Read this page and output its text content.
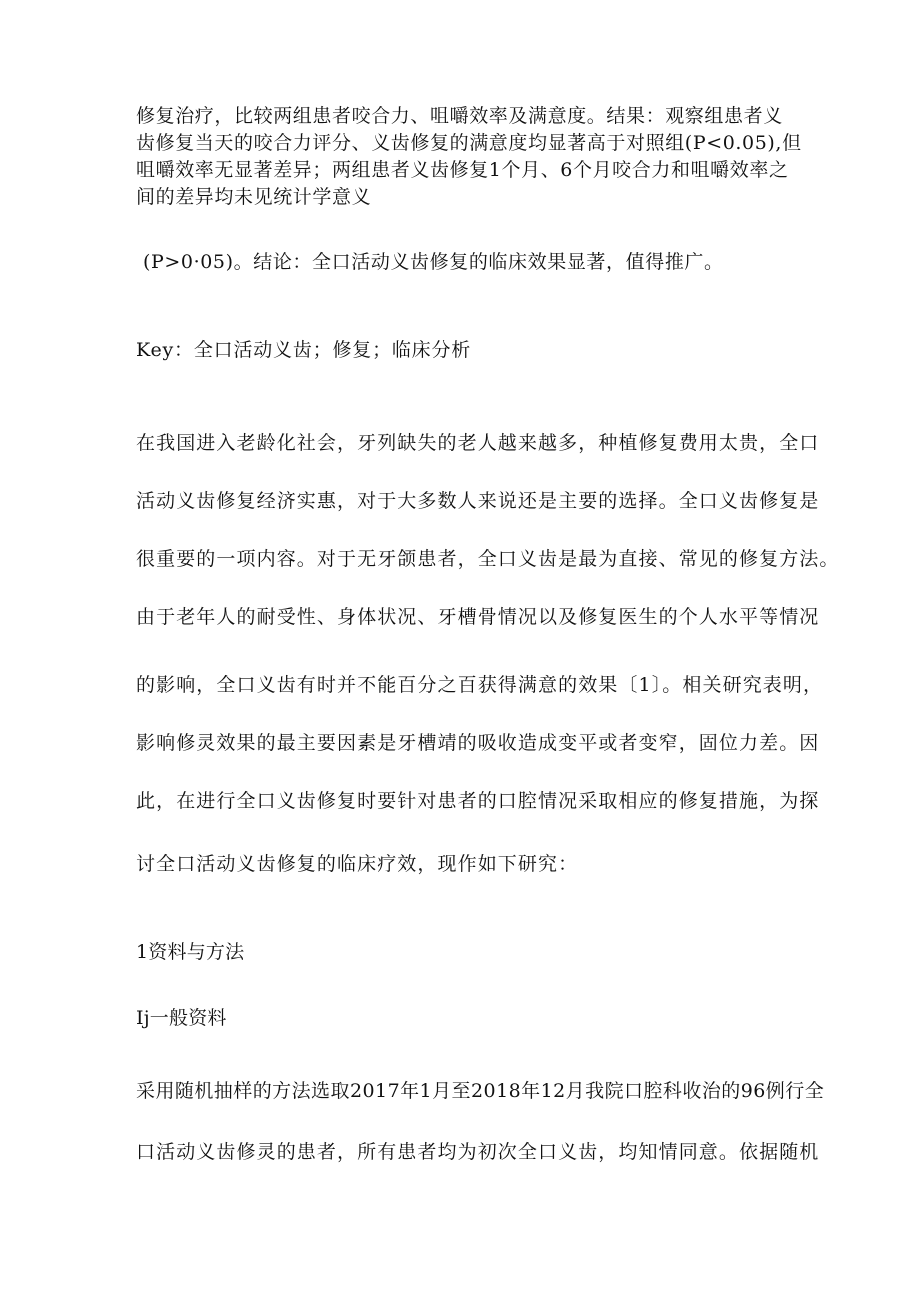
修复治疗，比较两组患者咬合力、咀嚼效率及满意度。结果：观察组患者义
齿修复当天的咬合力评分、义齿修复的满意度均显著高于对照组(P<0.05),但
咀嚼效率无显著差异；两组患者义齿修复1个月、6个月咬合力和咀嚼效率之
间的差异均未见统计学意义
(P>0·05)。结论：全口活动义齿修复的临床效果显著，值得推广。
Key：全口活动义齿；修复；临床分析
在我国进入老龄化社会，牙列缺失的老人越来越多，种植修复费用太贵，全口
活动义齿修复经济实惠，对于大多数人来说还是主要的选择。全口义齿修复是
很重要的一项内容。对于无牙颌患者，全口义齿是最为直接、常见的修复方法。
由于老年人的耐受性、身体状况、牙槽骨情况以及修复医生的个人水平等情况
的影响，全口义齿有时并不能百分之百获得满意的效果〔1〕。相关研究表明，
影响修灵效果的最主要因素是牙槽靖的吸收造成变平或者变窄，固位力差。因
此，在进行全口义齿修复时要针对患者的口腔情况采取相应的修复措施，为探
讨全口活动义齿修复的临床疗效，现作如下研究：
1资料与方法
Ij一般资料
采用随机抽样的方法选取2017年1月至2018年12月我院口腔科收治的96例行全
口活动义齿修灵的患者，所有患者均为初次全口义齿，均知情同意。依据随机
